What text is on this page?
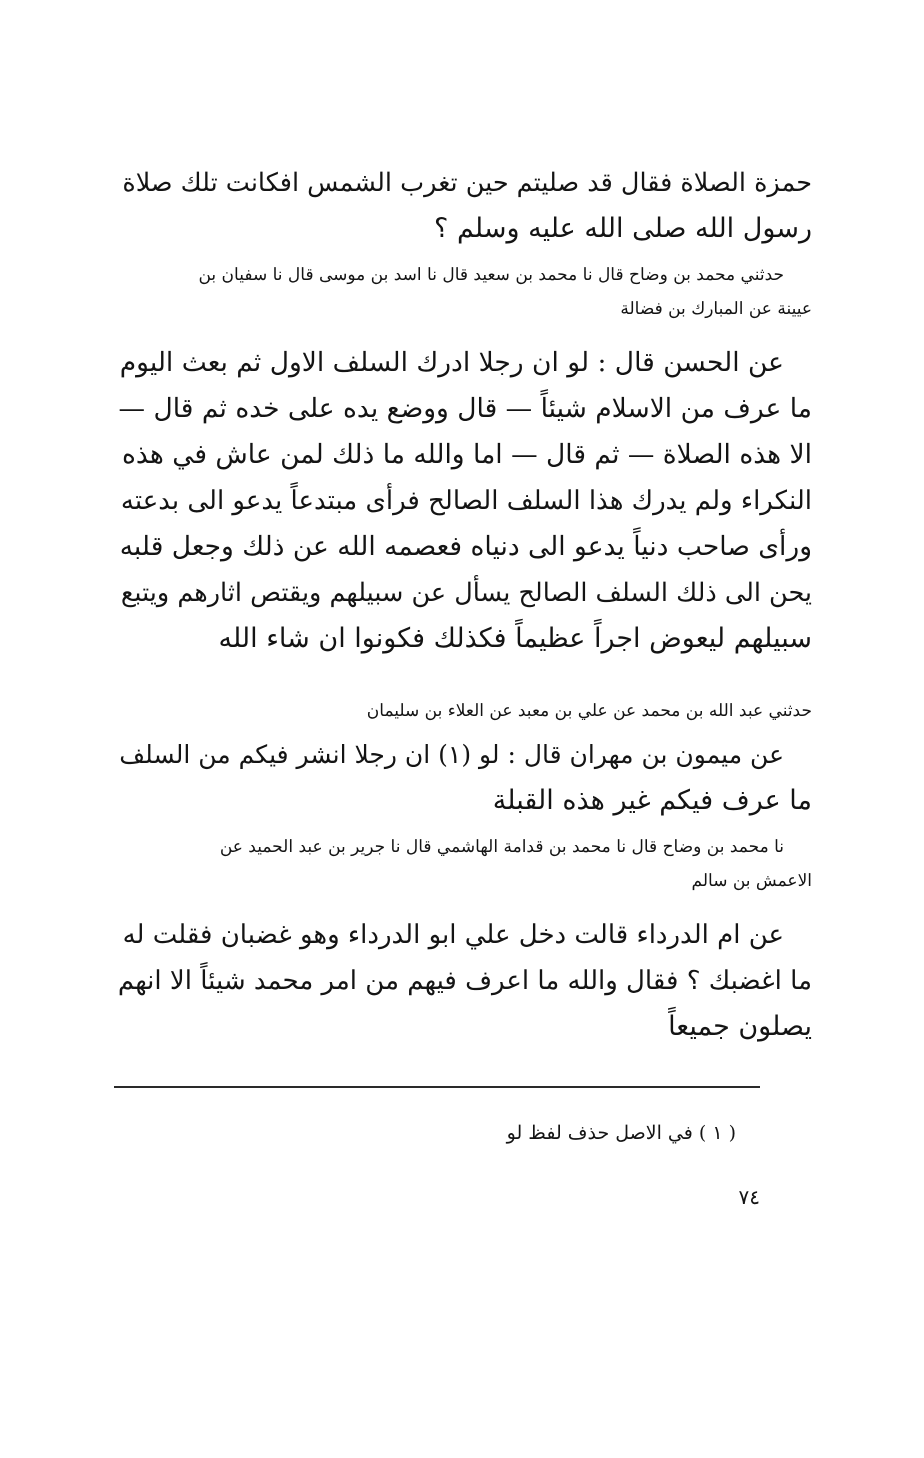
حمزة الصلاة فقال قد صليتم حين تغرب الشمس افكانت تلك صلاة
رسول الله صلى الله عليه وسلم ؟
حدثني محمد بن وضاح قال نا محمد بن سعيد قال نا اسد بن موسى قال نا سفيان بن
عيينة عن المبارك بن فضالة
عن الحسن قال : لو ان رجلا ادرك السلف الاول ثم بعث اليوم
ما عرف من الاسلام شيئاً — قال ووضع يده على خده ثم قال —
الا هذه الصلاة — ثم قال — اما والله ما ذلك لمن عاش في هذه
النكراء ولم يدرك هذا السلف الصالح فرأى مبتدعاً يدعو الى بدعته
ورأى صاحب دنياً يدعو الى دنياه فعصمه الله عن ذلك وجعل قلبه
يحن الى ذلك السلف الصالح يسأل عن سبيلهم ويقتص اثارهم ويتبع
سبيلهم ليعوض اجراً عظيماً فكذلك فكونوا ان شاء الله
حدثني عبد الله بن محمد عن علي بن معبد عن العلاء بن سليمان
عن ميمون بن مهران قال : لو (١) ان رجلا انشر فيكم من السلف
ما عرف فيكم غير هذه القبلة
نا محمد بن وضاح قال نا محمد بن قدامة الهاشمي قال نا جرير بن عبد الحميد عن
الاعمش بن سالم
عن ام الدرداء قالت دخل علي ابو الدرداء وهو غضبان فقلت له
ما اغضبك ؟ فقال والله ما اعرف فيهم من امر محمد شيئاً الا انهم
يصلون جميعاً
( ١ ) في الاصل حذف لفظ لو
٧٤
